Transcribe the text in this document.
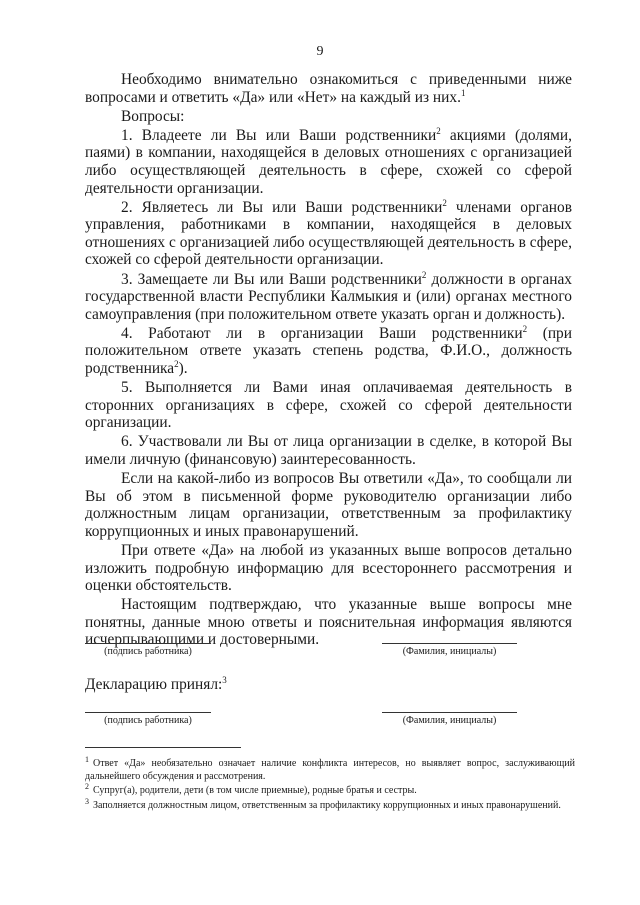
9

Необходимо внимательно ознакомиться с приведенными ниже вопросами и ответить «Да» или «Нет» на каждый из них.$^1$

Вопросы:

1. Владеете ли Вы или Ваши родственники$^2$ акциями (долями, паями) в компании, находящейся в деловых отношениях с организацией либо осуществляющей деятельность в сфере, схожей со сферой деятельности организации.

2. Являетесь ли Вы или Ваши родственники$^2$ членами органов управления, работниками в компании, находящейся в деловых отношениях с организацией либо осуществляющей деятельность в сфере, схожей со сферой деятельности организации.

3. Замещаете ли Вы или Ваши родственники$^2$ должности в органах государственной власти Республики Калмыкия и (или) органах местного самоуправления (при положительном ответе указать орган и должность).

4. Работают ли в организации Ваши родственники$^2$ (при положительном ответе указать степень родства, Ф.И.О., должность родственника$^2$).

5. Выполняется ли Вами иная оплачиваемая деятельность в сторонних организациях в сфере, схожей со сферой деятельности организации.

6. Участвовали ли Вы от лица организации в сделке, в которой Вы имели личную (финансовую) заинтересованность.

Если на какой-либо из вопросов Вы ответили «Да», то сообщали ли Вы об этом в письменной форме руководителю организации либо должностным лицам организации, ответственным за профилактику коррупционных и иных правонарушений.

При ответе «Да» на любой из указанных выше вопросов детально изложить подробную информацию для всестороннего рассмотрения и оценки обстоятельств.

Настоящим подтверждаю, что указанные выше вопросы мне понятны, данные мною ответы и пояснительная информация являются исчерпывающими и достоверными.

(подпись работника)	(Фамилия, инициалы)
Декларацию принял:$^3$
(подпись работника)	(Фамилия, инициалы)
1 Ответ «Да» необязательно означает наличие конфликта интересов, но выявляет вопрос, заслуживающий дальнейшего обсуждения и рассмотрения.
2 Супруг(а), родители, дети (в том числе приемные), родные братья и сестры.
3 Заполняется должностным лицом, ответственным за профилактику коррупционных и иных правонарушений.
